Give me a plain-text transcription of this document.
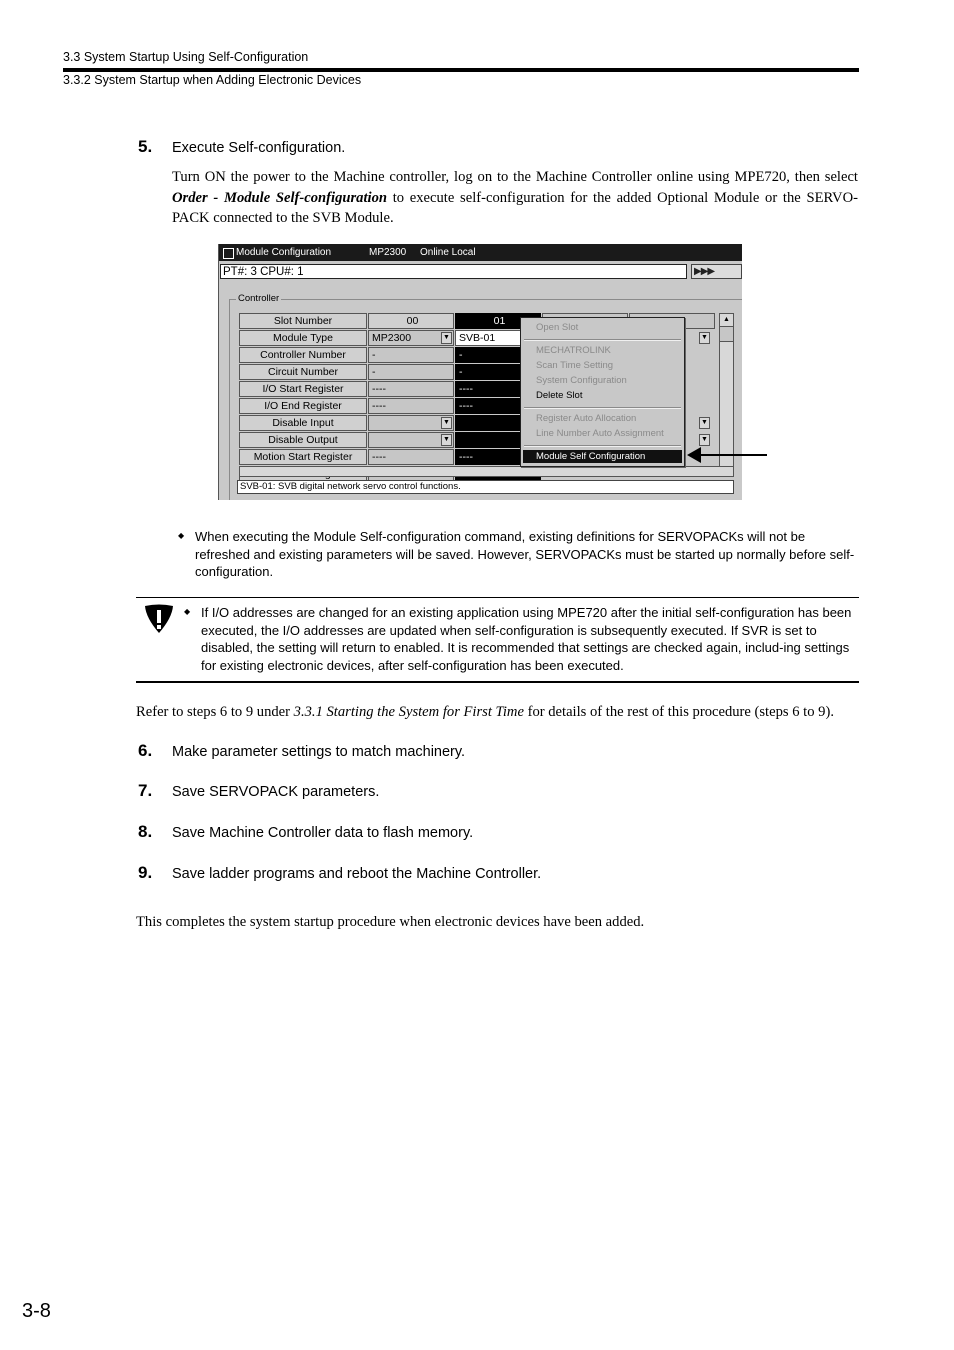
3.3 System Startup Using Self-Configuration
3.3.2 System Startup when Adding Electronic Devices
5. Execute Self-configuration.
Turn ON the power to the Machine controller, log on to the Machine Controller online using MPE720, then select Order - Module Self-configuration to execute self-configuration for the added Optional Module or the SERVO-PACK connected to the SVB Module.
Module Configuration	MP2300 Online Local
PT#: 3 CPU#: 1	▶▶▶
Controller
Slot Number	00	01
Module Type	MP2300	SVB-01
▼
Controller Number	-	-
Circuit Number	-	-
I/O Start Register	----	----
I/O End Register	----	----
Disable Input	▼
Disable Output	▼
Motion Start Register	----	----
▼
▼
▼
▲
Open Slot
MECHATROLINK
Scan Time Setting
System Configuration
Delete Slot
Register Auto Allocation
Line Number Auto Assignment
Module Self Configuration
SVB-01: SVB digital network servo control functions.
◆ When executing the Module Self-configuration command, existing definitions for SERVOPACKs will not be refreshed and existing parameters will be saved. However, SERVOPACKs must be started up normally before self-configuration.
◆ If I/O addresses are changed for an existing application using MPE720 after the initial self-configuration has been executed, the I/O addresses are updated when self-configuration is subsequently executed. If SVR is set to disabled, the setting will return to enabled. It is recommended that settings are checked again, includ-ing settings for existing electronic devices, after self-configuration has been executed.
Refer to steps 6 to 9 under 3.3.1 Starting the System for First Time for details of the rest of this procedure (steps 6 to 9).
6. Make parameter settings to match machinery.
7. Save SERVOPACK parameters.
8. Save Machine Controller data to flash memory.
9. Save ladder programs and reboot the Machine Controller.
This completes the system startup procedure when electronic devices have been added.
3-8
